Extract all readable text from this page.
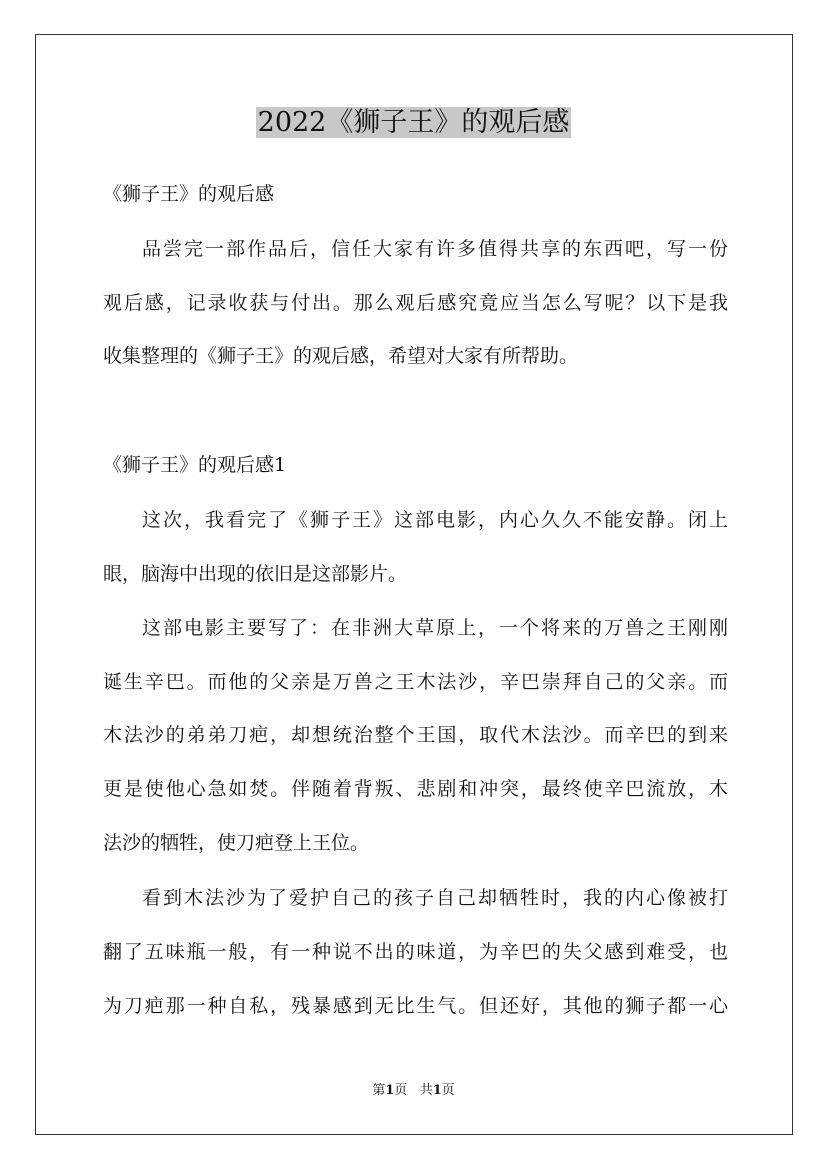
2022《狮子王》的观后感

《狮子王》的观后感

品尝完一部作品后，信任大家有许多值得共享的东西吧，写一份

观后感，记录收获与付出。那么观后感究竟应当怎么写呢？以下是我

收集整理的《狮子王》的观后感，希望对大家有所帮助。

《狮子王》的观后感1

这次，我看完了《狮子王》这部电影，内心久久不能安静。闭上

眼，脑海中出现的依旧是这部影片。

这部电影主要写了：在非洲大草原上，一个将来的万兽之王刚刚

诞生辛巴。而他的父亲是万兽之王木法沙，辛巴崇拜自己的父亲。而

木法沙的弟弟刀疤，却想统治整个王国，取代木法沙。而辛巴的到来

更是使他心急如焚。伴随着背叛、悲剧和冲突，最终使辛巴流放，木

法沙的牺牲，使刀疤登上王位。

看到木法沙为了爱护自己的孩子自己却牺牲时，我的内心像被打

翻了五味瓶一般，有一种说不出的味道，为辛巴的失父感到难受，也

为刀疤那一种自私，残暴感到无比生气。但还好，其他的狮子都一心

第1页 共1页
